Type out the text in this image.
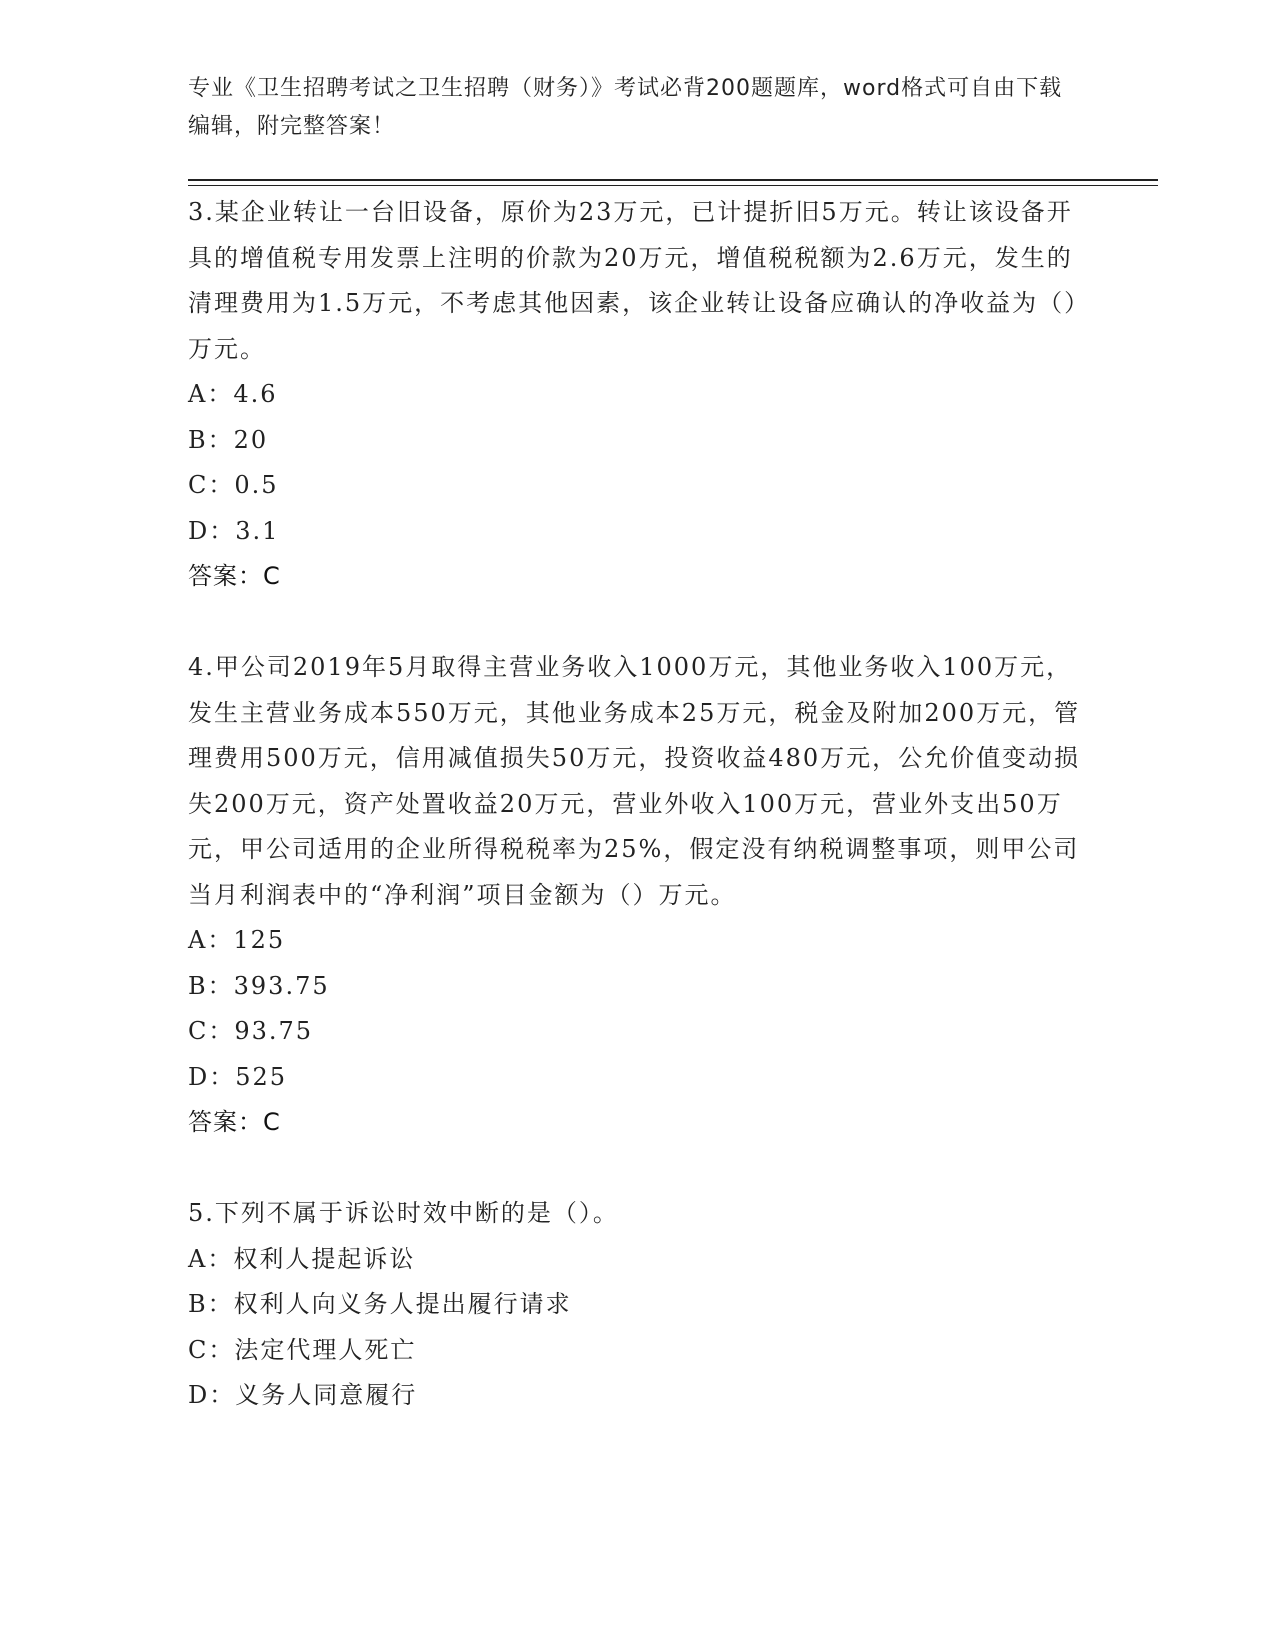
专业《卫生招聘考试之卫生招聘（财务）》考试必背200题题库，word格式可自由下载编辑，附完整答案！

3.某企业转让一台旧设备，原价为23万元，已计提折旧5万元。转让该设备开具的增值税专用发票上注明的价款为20万元，增值税税额为2.6万元，发生的清理费用为1.5万元，不考虑其他因素，该企业转让设备应确认的净收益为（）万元。

A：4.6

B：20

C：0.5

D：3.1

答案：C

4.甲公司2019年5月取得主营业务收入1000万元，其他业务收入100万元，发生主营业务成本550万元，其他业务成本25万元，税金及附加200万元，管理费用500万元，信用减值损失50万元，投资收益480万元，公允价值变动损失200万元，资产处置收益20万元，营业外收入100万元，营业外支出50万元，甲公司适用的企业所得税税率为25%，假定没有纳税调整事项，则甲公司当月利润表中的“净利润”项目金额为（）万元。

A：125

B：393.75

C：93.75

D：525

答案：C

5.下列不属于诉讼时效中断的是（）。

A：权利人提起诉讼

B：权利人向义务人提出履行请求

C：法定代理人死亡

D：义务人同意履行
